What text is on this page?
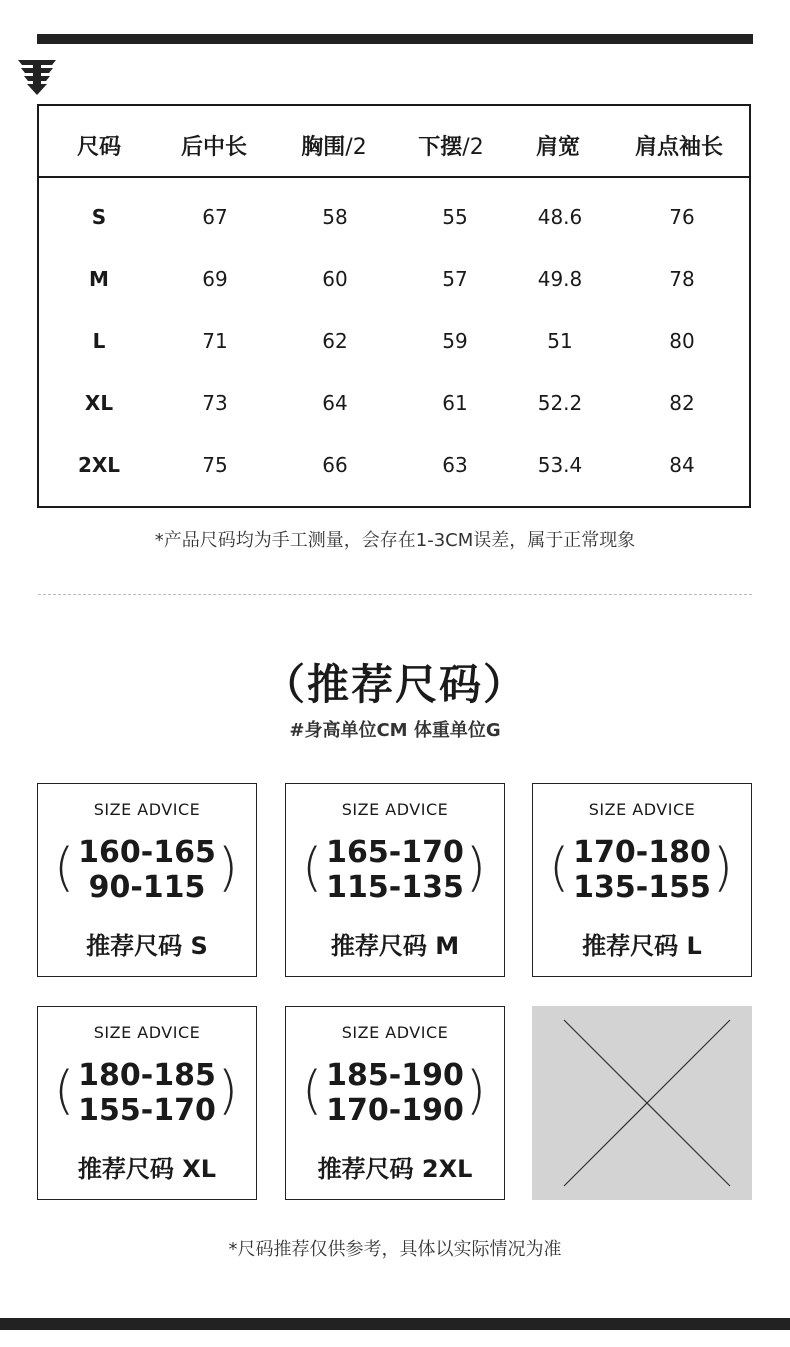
尺码	后中长 胸围/2 下摆/2 肩宽 肩点袖长
S	67	58	55	48.6	76
M	69	60	57	49.8	78
L	71	62	59	51	80
XL	73	64	61	52.2	82
2XL	75	66	63	53.4	84
*产品尺码均为手工测量，会存在1-3CM误差，属于正常现象
（推荐尺码）
#身高单位CM 体重单位G
SIZE ADVICE
( 160-165
90-115 )
推荐尺码 S
SIZE ADVICE
( 165-170
115-135 )
推荐尺码 M
SIZE ADVICE
( 170-180
135-155 )
推荐尺码 L
SIZE ADVICE
( 180-185
155-170 )
推荐尺码 XL
SIZE ADVICE
( 185-190
170-190 )
推荐尺码 2XL
*尺码推荐仅供参考，具体以实际情况为准
